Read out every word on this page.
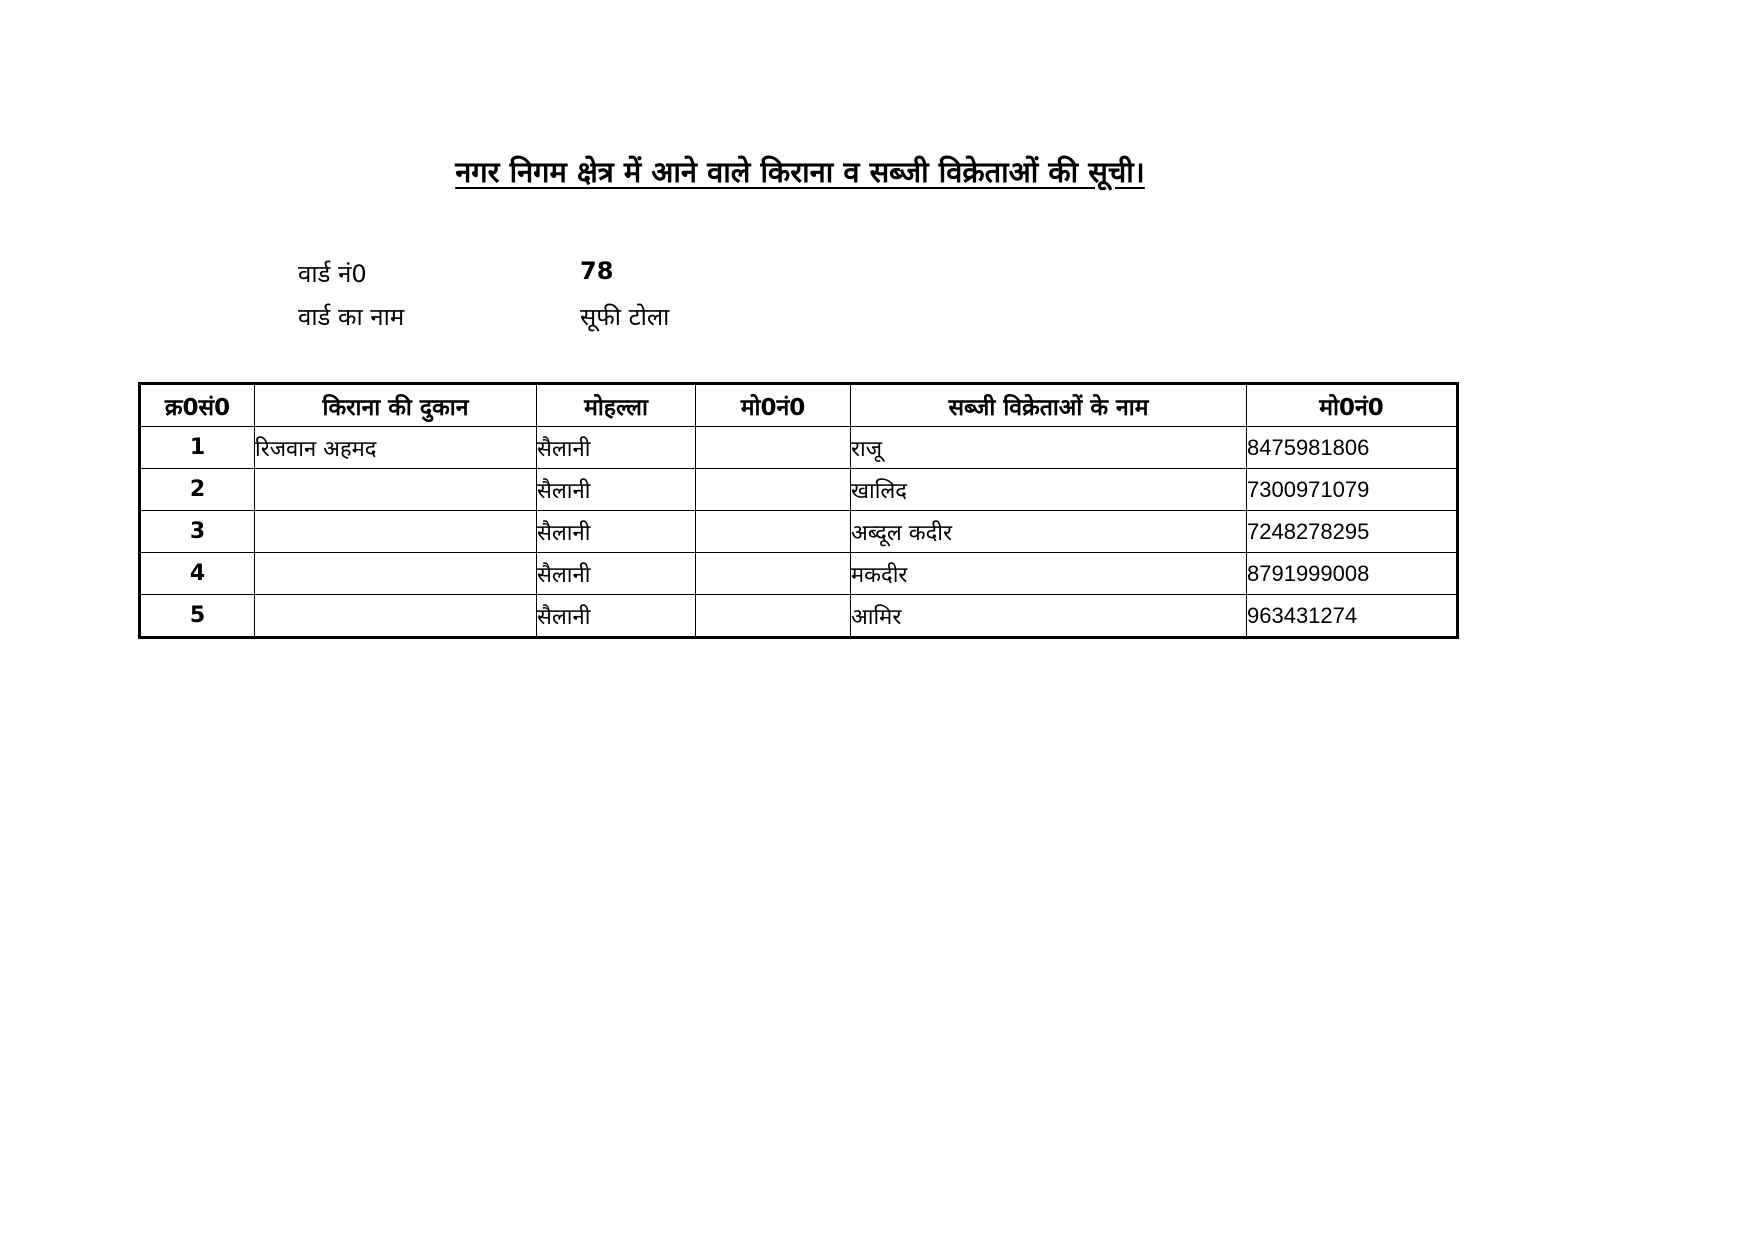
नगर निगम क्षेत्र में आने वाले किराना व सब्जी विक्रेताओं की सूची।
वार्ड नं0	78
वार्ड का नाम	सूफी टोला
क्र0सं0	किराना की दुकान	मोहल्ला	मो0नं0	सब्जी विक्रेताओं के नाम	मो0नं0
1	रिजवान अहमद	सैलानी		राजू	8475981806
2		सैलानी		खालिद	7300971079
3		सैलानी		अब्दूल कदीर	7248278295
4		सैलानी		मकदीर	8791999008
5		सैलानी		आमिर	963431274
